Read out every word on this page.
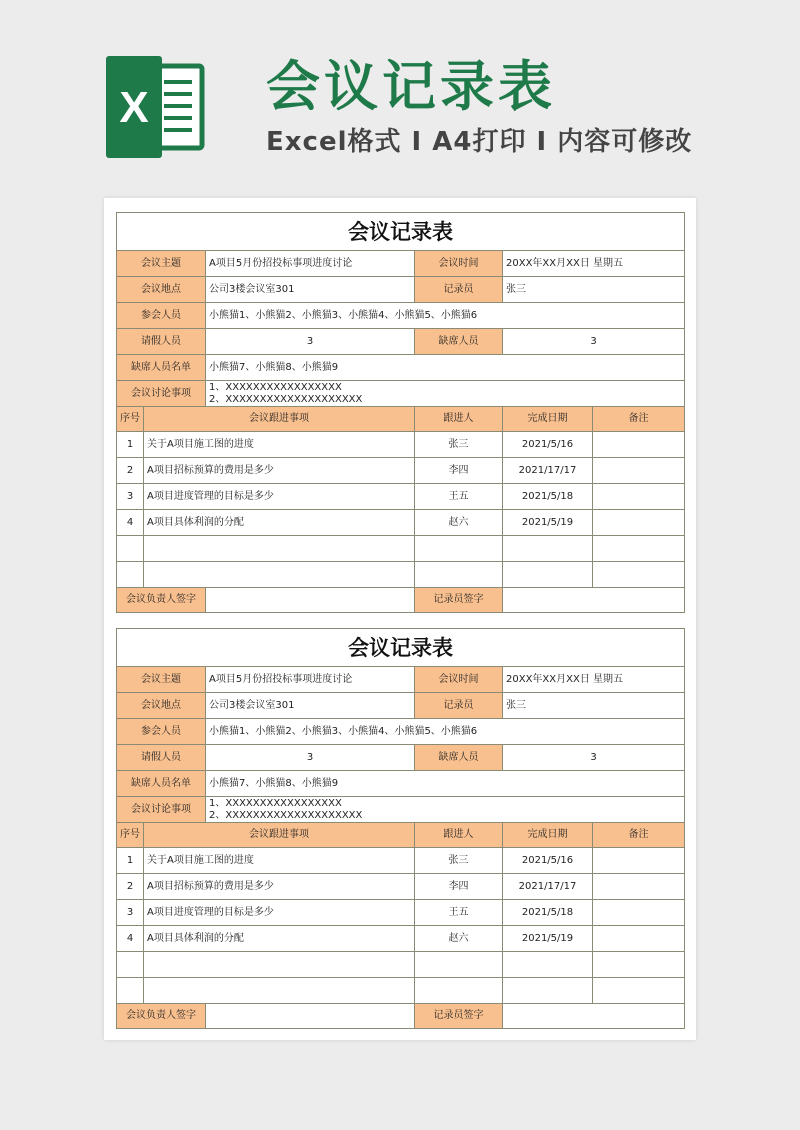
X 会议记录表
Excel格式 I A4打印 I 内容可修改
会议记录表					
会议主题		A项目5月份招投标事项进度讨论	会议时间	20XX年XX月XX日 星期五	
会议地点		公司3楼会议室301	记录员	张三	
参会人员		小熊猫1、小熊猫2、小熊猫3、小熊猫4、小熊猫5、小熊猫6			
请假人员		3	缺席人员	3	
缺席人员名单		小熊猫7、小熊猫8、小熊猫9			
会议讨论事项		1、XXXXXXXXXXXXXXXXX
2、XXXXXXXXXXXXXXXXXXXX			

序号	会议跟进事项		跟进人	完成日期	备注
1	关于A项目施工图的进度		张三	2021/5/16	
2	A项目招标预算的费用是多少		李四	2021/17/17	
3	A项目进度管理的目标是多少		王五	2021/5/18	
4	A项目具体利润的分配		赵六	2021/5/19	

会议负责人签字			记录员签字		
会议记录表					
会议主题		A项目5月份招投标事项进度讨论	会议时间	20XX年XX月XX日 星期五	
会议地点		公司3楼会议室301	记录员	张三	
参会人员		小熊猫1、小熊猫2、小熊猫3、小熊猫4、小熊猫5、小熊猫6			
请假人员		3	缺席人员	3	
缺席人员名单		小熊猫7、小熊猫8、小熊猫9			
会议讨论事项		1、XXXXXXXXXXXXXXXXX
2、XXXXXXXXXXXXXXXXXXXX			

序号	会议跟进事项		跟进人	完成日期	备注
1	关于A项目施工图的进度		张三	2021/5/16	
2	A项目招标预算的费用是多少		李四	2021/17/17	
3	A项目进度管理的目标是多少		王五	2021/5/18	
4	A项目具体利润的分配		赵六	2021/5/19	

会议负责人签字			记录员签字		
